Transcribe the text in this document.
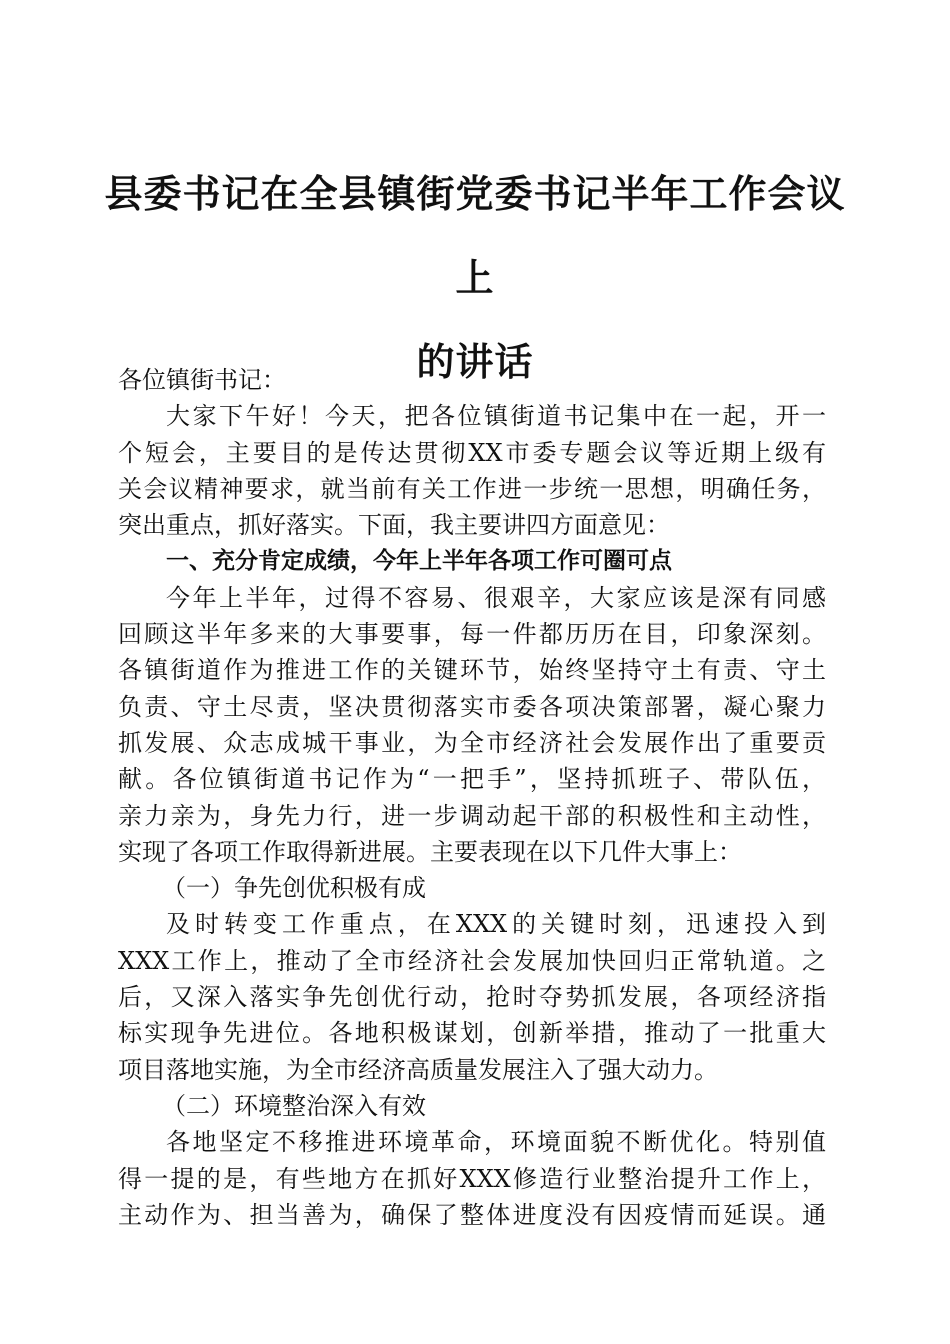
县委书记在全县镇街党委书记半年工作会议上
的讲话
各位镇街书记：
大家下午好！今天，把各位镇街道书记集中在一起，开一
个短会，主要目的是传达贯彻XX市委专题会议等近期上级有
关会议精神要求，就当前有关工作进一步统一思想，明确任务，
突出重点，抓好落实。下面，我主要讲四方面意见：
一、充分肯定成绩，今年上半年各项工作可圈可点
今年上半年，过得不容易、很艰辛，大家应该是深有同感
回顾这半年多来的大事要事，每一件都历历在目，印象深刻。
各镇街道作为推进工作的关键环节，始终坚持守土有责、守土
负责、守土尽责，坚决贯彻落实市委各项决策部署，凝心聚力
抓发展、众志成城干事业，为全市经济社会发展作出了重要贡
献。各位镇街道书记作为“一把手”，坚持抓班子、带队伍，
亲力亲为，身先力行，进一步调动起干部的积极性和主动性，
实现了各项工作取得新进展。主要表现在以下几件大事上：
（一）争先创优积极有成
及时转变工作重点，在XXX的关键时刻，迅速投入到
XXX工作上，推动了全市经济社会发展加快回归正常轨道。之
后，又深入落实争先创优行动，抢时夺势抓发展，各项经济指
标实现争先进位。各地积极谋划，创新举措，推动了一批重大
项目落地实施，为全市经济高质量发展注入了强大动力。
（二）环境整治深入有效
各地坚定不移推进环境革命，环境面貌不断优化。特别值
得一提的是，有些地方在抓好XXX修造行业整治提升工作上，
主动作为、担当善为，确保了整体进度没有因疫情而延误。通
